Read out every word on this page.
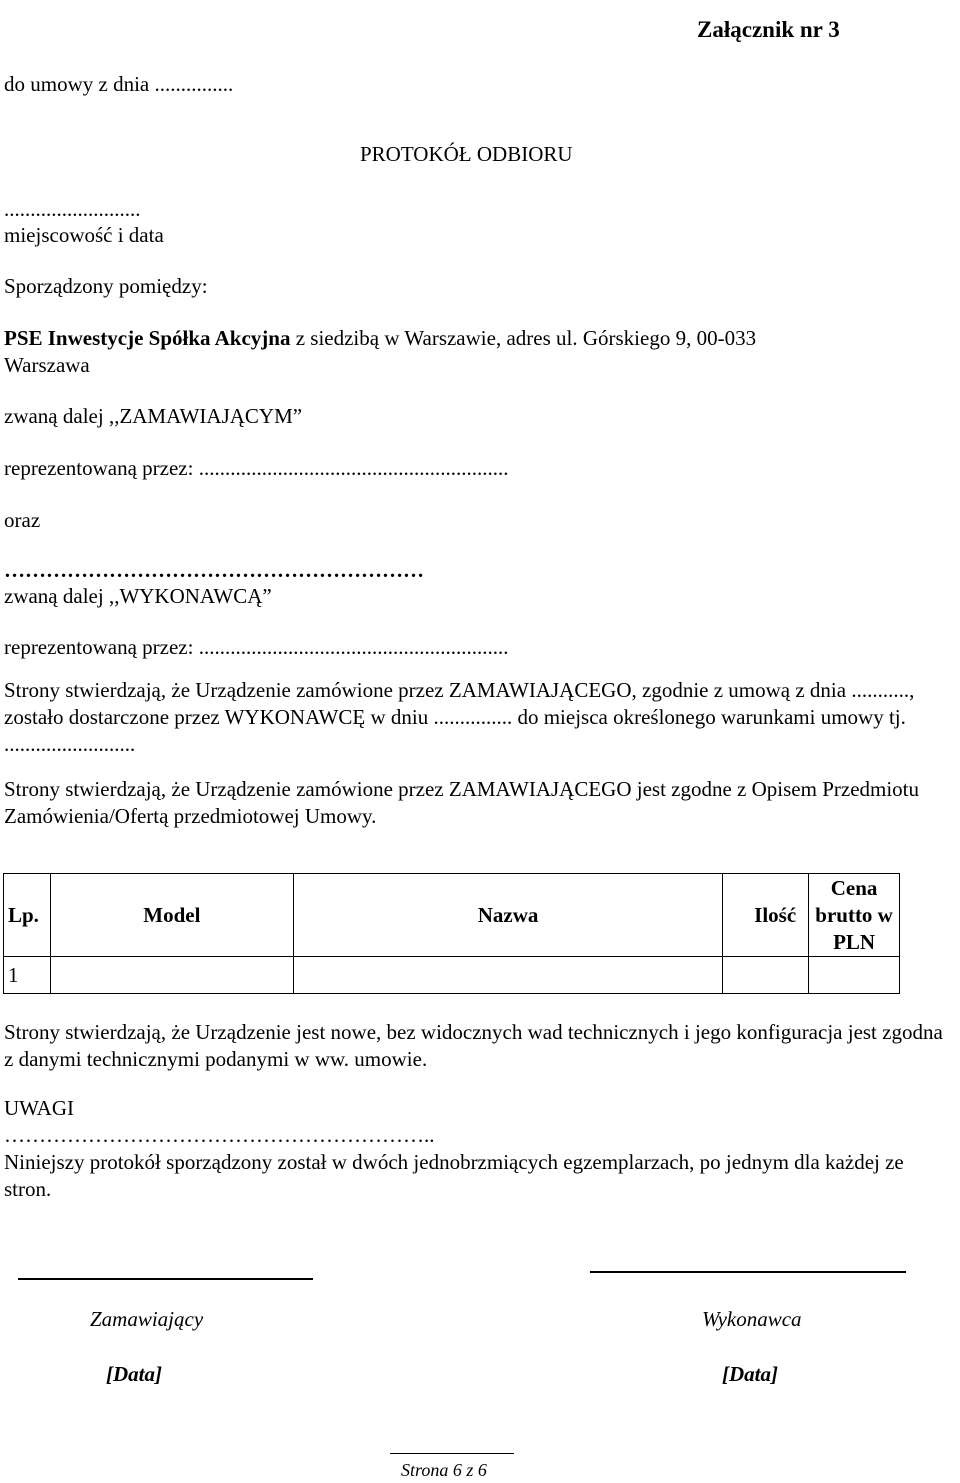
Załącznik nr 3
do umowy z dnia ...............
PROTOKÓŁ ODBIORU
..........................
miejscowość i data
Sporządzony pomiędzy:
PSE Inwestycje Spółka Akcyjna z siedzibą w Warszawie, adres ul. Górskiego 9, 00-033
Warszawa
zwaną dalej ,,ZAMAWIAJĄCYM”
reprezentowaną przez: ...........................................................
oraz
……………………………………………………
zwaną dalej ,,WYKONAWCĄ”
reprezentowaną przez: ...........................................................
Strony stwierdzają, że Urządzenie zamówione przez ZAMAWIAJĄCEGO, zgodnie z umową z dnia ..........., zostało dostarczone przez WYKONAWCĘ w dniu ............... do miejsca określonego warunkami umowy tj. .........................
Strony stwierdzają, że Urządzenie zamówione przez ZAMAWIAJĄCEGO jest zgodne z Opisem Przedmiotu Zamówienia/Ofertą przedmiotowej Umowy.
Lp.	Model	Nazwa	Ilość	Cena brutto w PLN
1				
Strony stwierdzają, że Urządzenie jest nowe, bez widocznych wad technicznych i jego konfiguracja jest zgodna z danymi technicznymi podanymi w ww. umowie.
UWAGI
……………………………………………………..
Niniejszy protokół sporządzony został w dwóch jednobrzmiących egzemplarzach, po jednym dla każdej ze stron.
Zamawiający	Wykonawca
[Data]	[Data]
Strona 6 z 6
